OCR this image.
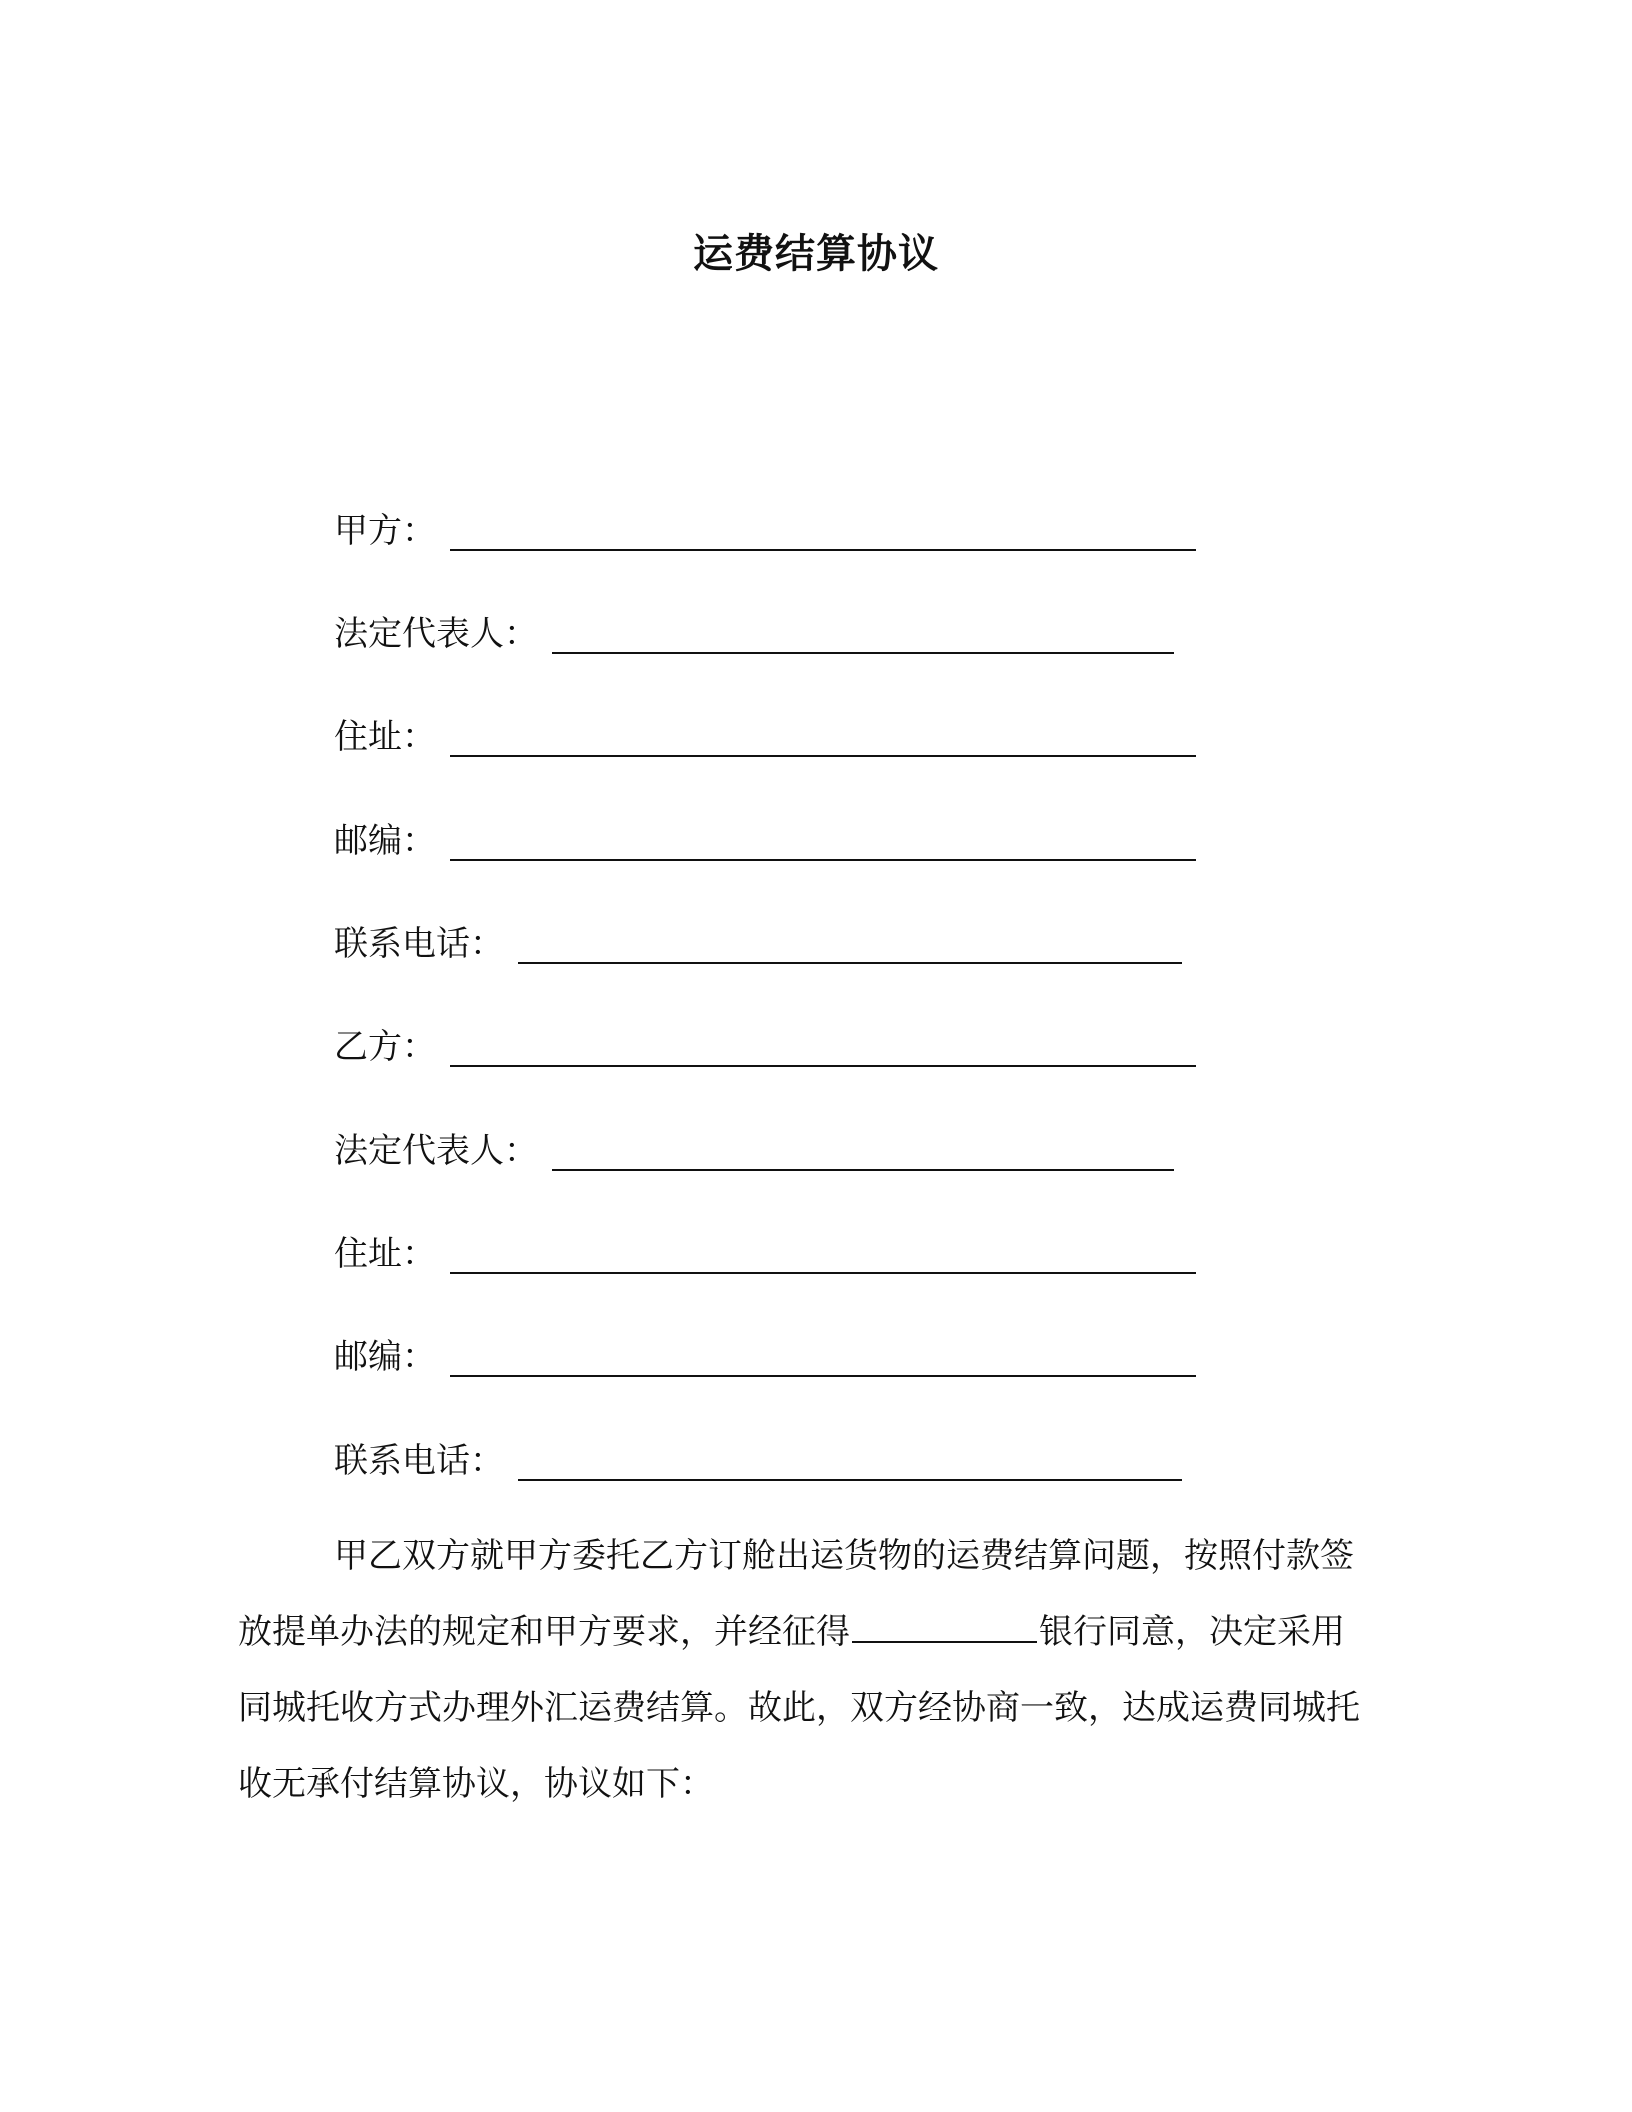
运费结算协议
甲方 ：
法定代表人 ：
住址 ：
邮编 ：
联系电话 ：
乙方 ：
法定代表人 ：
住址 ：
邮编 ：
联系电话 ：

甲乙双方就甲方委托乙方订舱出运货物的运费结算问题，按照付款签放提单办法的规定和甲方要求，并经征得	银行同意，决定采用同城托收方式办理外汇运费结算。故此，双方经协商一致，达成运费同城托收无承付结算协议，协议如下：
